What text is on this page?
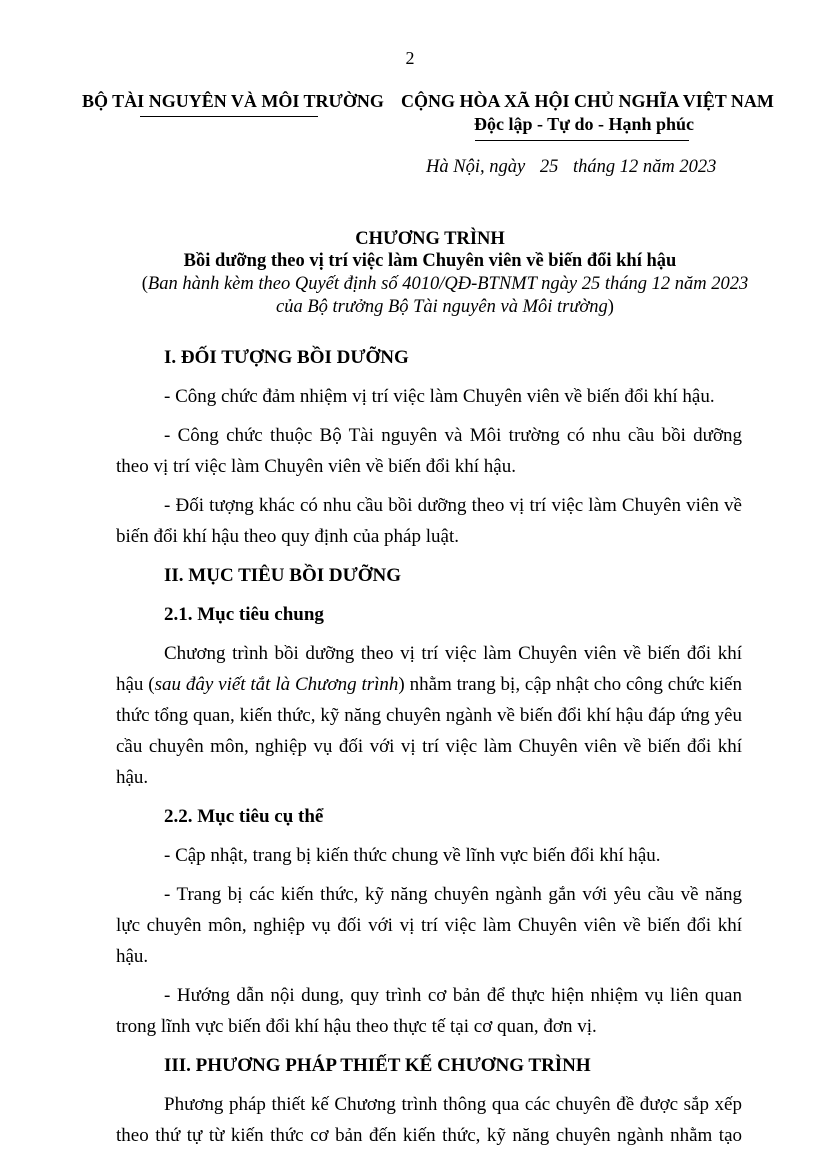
2
BỘ TÀI NGUYÊN VÀ MÔI TRƯỜNG CỘNG HÒA XÃ HỘI CHỦ NGHĨA VIỆT NAM
Độc lập - Tự do - Hạnh phúc
Hà Nội, ngày 25 tháng 12 năm 2023
CHƯƠNG TRÌNH
Bồi dưỡng theo vị trí việc làm Chuyên viên về biến đổi khí hậu
(Ban hành kèm theo Quyết định số 4010/QĐ-BTNMT ngày 25 tháng 12 năm 2023
của Bộ trưởng Bộ Tài nguyên và Môi trường)

I. ĐỐI TƯỢNG BỒI DƯỠNG

- Công chức đảm nhiệm vị trí việc làm Chuyên viên về biến đổi khí hậu.

- Công chức thuộc Bộ Tài nguyên và Môi trường có nhu cầu bồi dưỡng theo vị trí việc làm Chuyên viên về biến đổi khí hậu.

- Đối tượng khác có nhu cầu bồi dưỡng theo vị trí việc làm Chuyên viên về biến đổi khí hậu theo quy định của pháp luật.

II. MỤC TIÊU BỒI DƯỠNG

2.1. Mục tiêu chung

Chương trình bồi dưỡng theo vị trí việc làm Chuyên viên về biến đổi khí hậu (sau đây viết tắt là Chương trình) nhằm trang bị, cập nhật cho công chức kiến thức tổng quan, kiến thức, kỹ năng chuyên ngành về biến đổi khí hậu đáp ứng yêu cầu chuyên môn, nghiệp vụ đối với vị trí việc làm Chuyên viên về biến đổi khí hậu.

2.2. Mục tiêu cụ thể

- Cập nhật, trang bị kiến thức chung về lĩnh vực biến đổi khí hậu.

- Trang bị các kiến thức, kỹ năng chuyên ngành gắn với yêu cầu về năng lực chuyên môn, nghiệp vụ đối với vị trí việc làm Chuyên viên về biến đổi khí hậu.

- Hướng dẫn nội dung, quy trình cơ bản để thực hiện nhiệm vụ liên quan trong lĩnh vực biến đổi khí hậu theo thực tế tại cơ quan, đơn vị.

III. PHƯƠNG PHÁP THIẾT KẾ CHƯƠNG TRÌNH

Phương pháp thiết kế Chương trình thông qua các chuyên đề được sắp xếp theo thứ tự từ kiến thức cơ bản đến kiến thức, kỹ năng chuyên ngành nhằm tạo
